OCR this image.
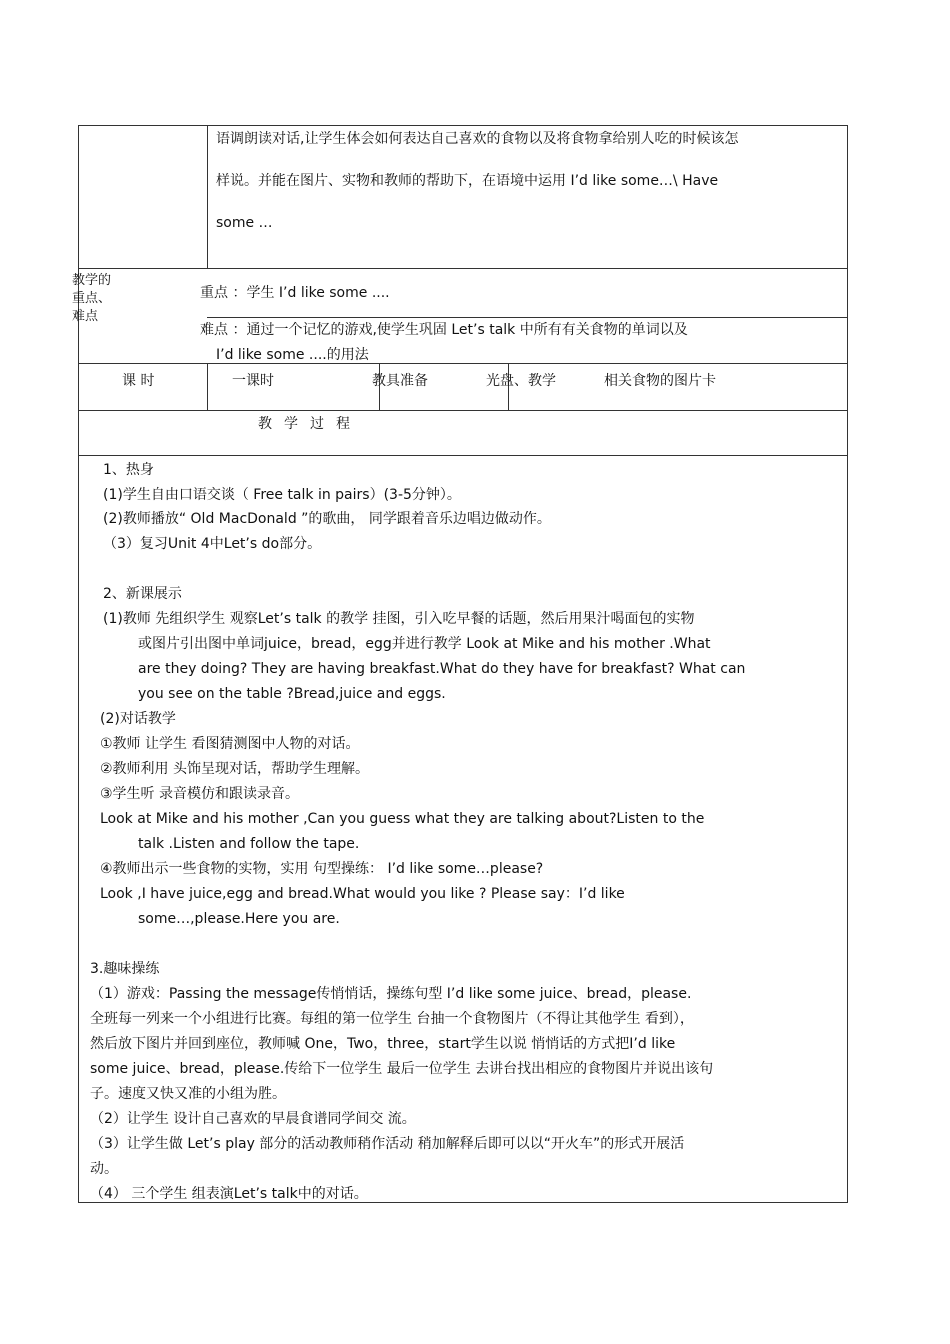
语调朗读对话,让学生体会如何表达自己喜欢的食物以及将食物拿给别人吃的时候该怎
样说。并能在图片、实物和教师的帮助下，在语境中运用 I’d like some…\ Have
some …
教学的重点、难点
重点 ：学生 I’d like some ....
难点 ：通过一个记忆的游戏,使学生巩固 Let’s talk 中所有有关食物的单词以及
I’d like some ....的用法
课 时	一课时	教具准备	光盘、教学	相关食物的图片卡
教学过程
1、热身
(1)学生自由口语交谈（ Free talk in pairs）(3-5分钟）。
(2)教师播放“ Old MacDonald ”的歌曲， 同学跟着音乐边唱边做动作。
（3）复习Unit 4中Let’s do部分。
2、新课展示
(1)教师 先组织学生 观察Let’s talk 的教学 挂图，引入吃早餐的话题，然后用果汁喝面包的实物
或图片引出图中单词juice，bread，egg并进行教学 Look at Mike and his mother .What
are they doing? They are having breakfast.What do they have for breakfast? What can
you see on the table ?Bread,juice and eggs.
(2)对话教学
①教师 让学生 看图猜测图中人物的对话。
②教师利用 头饰呈现对话，帮助学生理解。
③学生听 录音模仿和跟读录音。
Look at Mike and his mother ,Can you guess what they are talking about?Listen to the
talk .Listen and follow the tape.
④教师出示一些食物的实物，实用 句型操练： I’d like some…please?
Look ,I have juice,egg and bread.What would you like ? Please say：I’d like
some…,please.Here you are.
3.趣味操练
（1）游戏：Passing the message传悄悄话，操练句型 I’d like some juice、bread，please.
全班每一列来一个小组进行比赛。每组的第一位学生 台抽一个食物图片（不得让其他学生 看到），
然后放下图片并回到座位，教师喊 One，Two，three，start学生以说 悄悄话的方式把I’d like
some juice、bread，please.传给下一位学生 最后一位学生 去讲台找出相应的食物图片并说出该句
子。速度又快又准的小组为胜。
（2）让学生 设计自己喜欢的早晨食谱同学间交 流。
（3）让学生做 Let’s play 部分的活动教师稍作活动 稍加解释后即可以以“开火车”的形式开展活
动。
（4） 三个学生 组表演Let’s talk中的对话。
